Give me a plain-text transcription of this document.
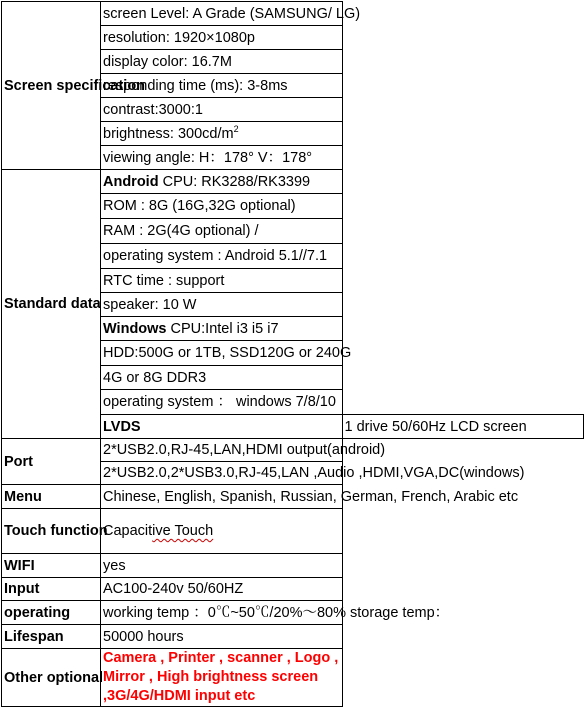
Screen specification	screen Level: A Grade (SAMSUNG/ LG)	
	resolution: 1920×1080p	
	display color: 16.7M	
	responding time (ms): 3-8ms	
	contrast:3000:1	
	brightness: $300cd/m^2$
	viewing angle: H：178° V：178°	
Standard data	Android CPU: RK3288/RK3399	
	ROM : 8G (16G,32G optional)	
	RAM : 2G(4G optional) /	
	operating system : Android 5.1//7.1	
	RTC time : support	
	speaker: 10 W	
	Windows CPU:Intel i3 i5 i7	
	HDD:500G or 1TB, SSD120G or 240G	
	4G or 8G DDR3	
	operating system ： windows 7/8/10	
	LVDS	1 drive 50/60Hz LCD screen
Port	2*USB2.0,RJ-45,LAN,HDMI output(android)	
	2*USB2.0,2*USB3.0,RJ-45,LAN ,Audio ,HDMI,VGA,DC(windows)	
Menu	Chinese, English, Spanish, Russian, German, French, Arabic etc	
Touch function	Capacitive Touch	
WIFI	yes	
Input	AC100-240v 50/60HZ	
operating	working temp ：0℃~50℃/20%～80% storage temp：	
Lifespan	50000 hours	
Other optional	Camera , Printer , scanner , Logo , Mirror , High brightness screen ,3G/4G/HDMI input etc	
